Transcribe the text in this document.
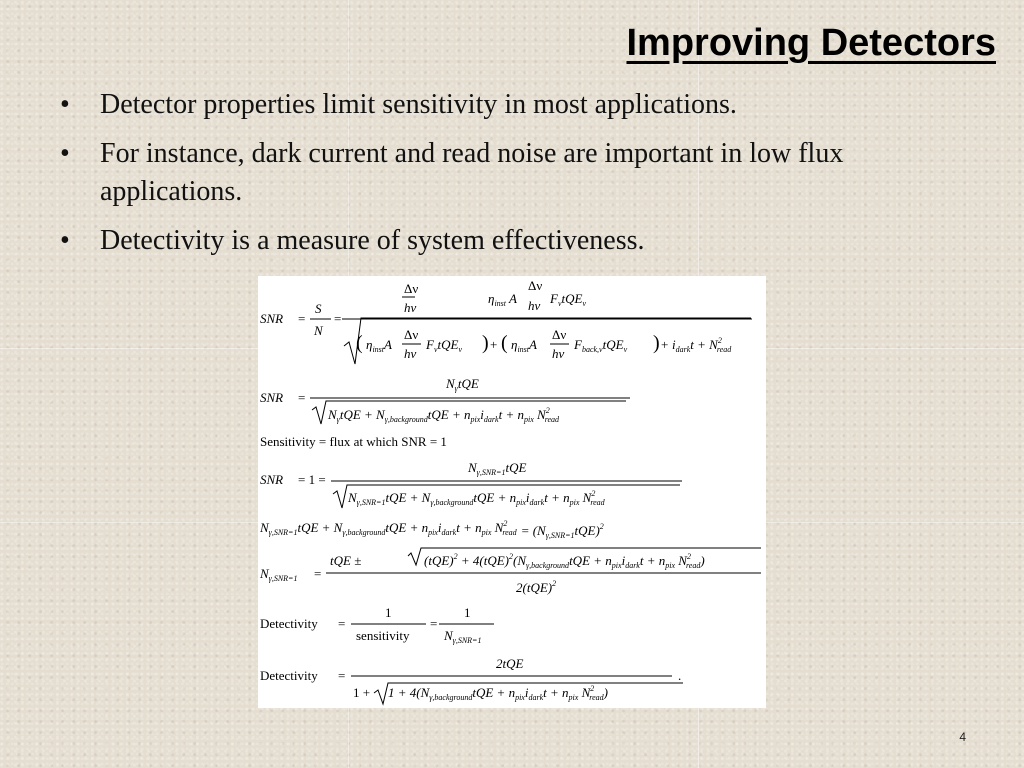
Improving Detectors
• Detector properties limit sensitivity in most applications.
• For instance, dark current and read noise are important in low flux applications.
• Detectivity is a measure of system effectiveness.
SNR =
S
N
=
$\eta_{inst}$ A
Δν
hν
$F_\nu tQE_\nu$
Δν
hν
( $\eta_{inst}A$
Δν
hν
$F_\nu tQE_\nu$ ) + ( $\eta_{inst}A$
Δν
hν
$F_{back,\nu}tQE_\nu$ ) + $i_{dark}t + N^2$ read
SNR =
$N_\gamma tQE$
$N_\gamma tQE + N_{\gamma,background}tQE + n_{pix}i_{dark}t + n_{pix}$ $N^2$ read
Sensitivity = flux at which SNR = 1
SNR = 1 =
$N_{\gamma,SNR=1}tQE$
$N_{\gamma,SNR=1}tQE + N_{\gamma,background}tQE + n_{pix}i_{dark}t + n_{pix}$ $N^2$ read
$N_{\gamma,SNR=1}tQE + N_{\gamma,background}tQE + n_{pix}i_{dark}t + n_{pix}$ $N^2$ read = $(N_{\gamma,SNR=1}tQE)^2$
$N_{\gamma,SNR=1}$ =
tQE ±	$(tQE)^2 + 4(tQE)^2(N_{\gamma,background}tQE + n_{pix}i_{dark}t + n_{pix}$ $N^2$ read)
2(tQE)$^2$
Detectivity =
1
sensitivity
=
1
$N_{\gamma,SNR=1}$
Detectivity =
2tQE
$1 + 1 + 4(N_{\gamma,background}tQE + n_{pix}i_{dark}t + n_{pix}$ $N^2$ read)
.
4
